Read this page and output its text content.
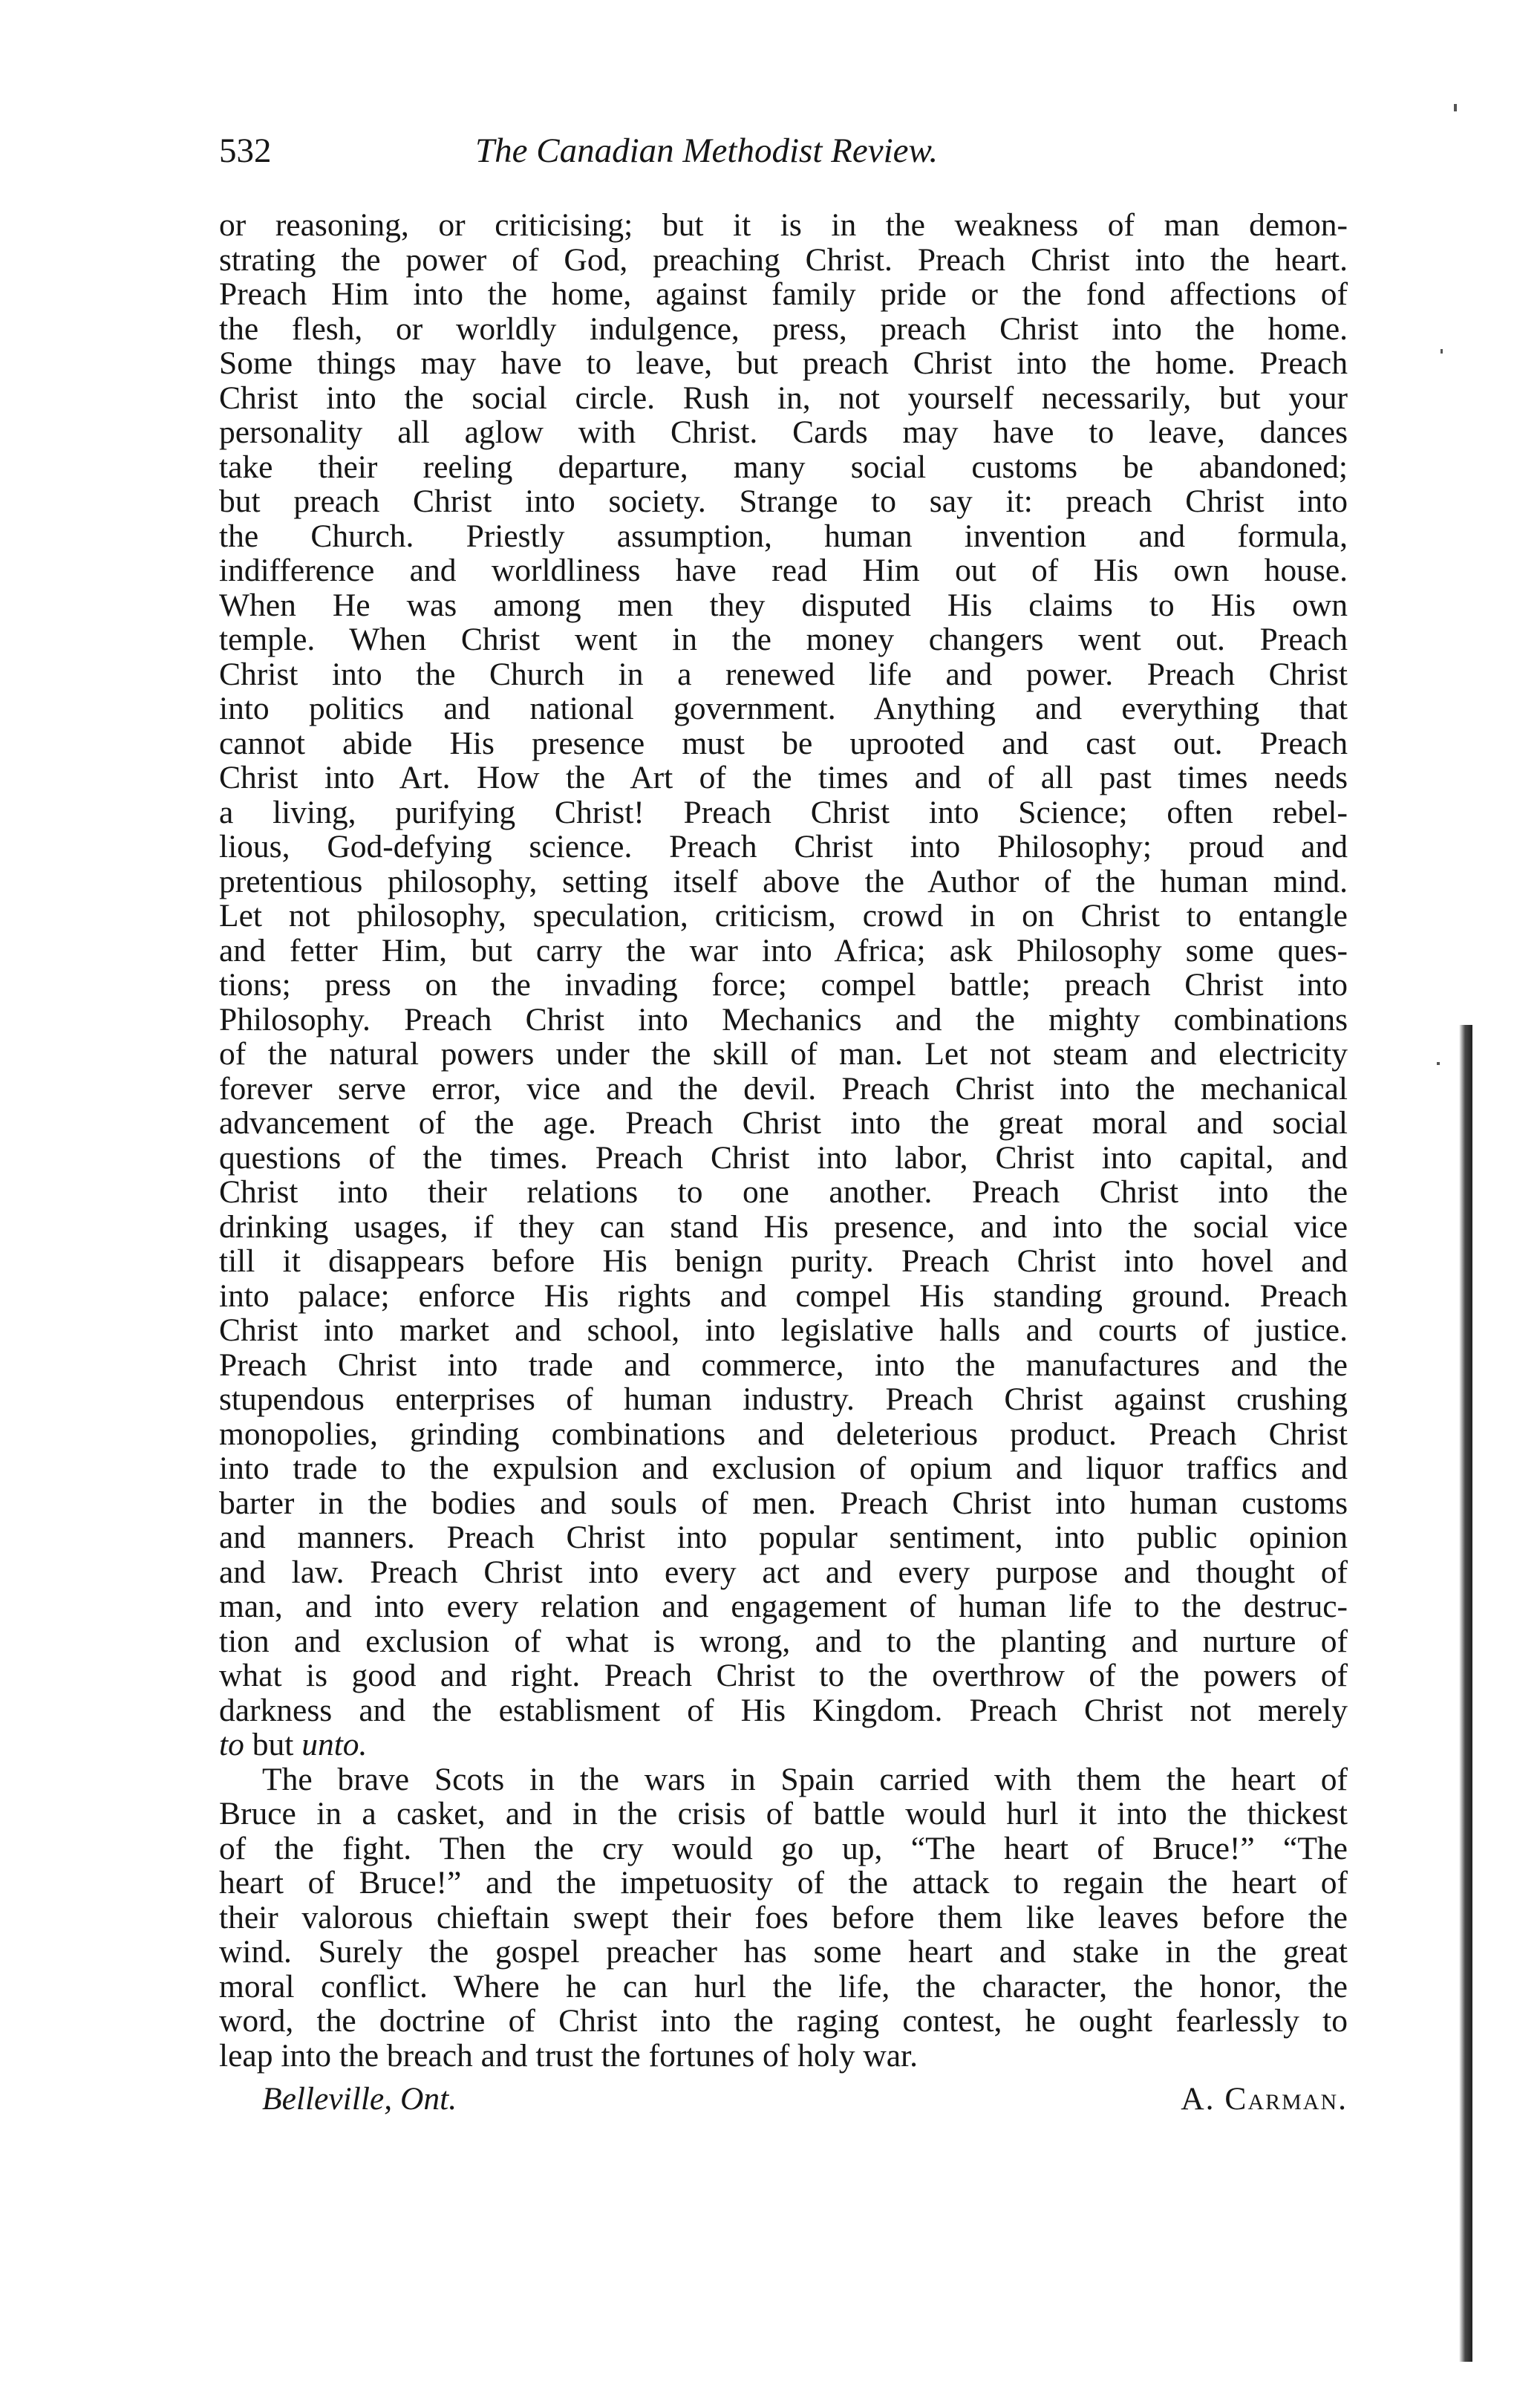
532	The Canadian Methodist Review.
or reasoning, or criticising; but it is in the weakness of man demon-
strating the power of God, preaching Christ. Preach Christ into the heart.
Preach Him into the home, against family pride or the fond affections of
the flesh, or worldly indulgence, press, preach Christ into the home.
Some things may have to leave, but preach Christ into the home. Preach
Christ into the social circle. Rush in, not yourself necessarily, but your
personality all aglow with Christ. Cards may have to leave, dances
take their reeling departure, many social customs be abandoned;
but preach Christ into society. Strange to say it: preach Christ into
the Church. Priestly assumption, human invention and formula,
indifference and worldliness have read Him out of His own house.
When He was among men they disputed His claims to His own
temple. When Christ went in the money changers went out. Preach
Christ into the Church in a renewed life and power. Preach Christ
into politics and national government. Anything and everything that
cannot abide His presence must be uprooted and cast out. Preach
Christ into Art. How the Art of the times and of all past times needs
a living, purifying Christ! Preach Christ into Science; often rebel-
lious, God-defying science. Preach Christ into Philosophy; proud and
pretentious philosophy, setting itself above the Author of the human mind.
Let not philosophy, speculation, criticism, crowd in on Christ to entangle
and fetter Him, but carry the war into Africa; ask Philosophy some ques-
tions; press on the invading force; compel battle; preach Christ into
Philosophy. Preach Christ into Mechanics and the mighty combinations
of the natural powers under the skill of man. Let not steam and electricity
forever serve error, vice and the devil. Preach Christ into the mechanical
advancement of the age. Preach Christ into the great moral and social
questions of the times. Preach Christ into labor, Christ into capital, and
Christ into their relations to one another. Preach Christ into the
drinking usages, if they can stand His presence, and into the social vice
till it disappears before His benign purity. Preach Christ into hovel and
into palace; enforce His rights and compel His standing ground. Preach
Christ into market and school, into legislative halls and courts of justice.
Preach Christ into trade and commerce, into the manufactures and the
stupendous enterprises of human industry. Preach Christ against crushing
monopolies, grinding combinations and deleterious product. Preach Christ
into trade to the expulsion and exclusion of opium and liquor traffics and
barter in the bodies and souls of men. Preach Christ into human customs
and manners. Preach Christ into popular sentiment, into public opinion
and law. Preach Christ into every act and every purpose and thought of
man, and into every relation and engagement of human life to the destruc-
tion and exclusion of what is wrong, and to the planting and nurture of
what is good and right. Preach Christ to the overthrow of the powers of
darkness and the establisment of His Kingdom. Preach Christ not merely
to but unto.
The brave Scots in the wars in Spain carried with them the heart of
Bruce in a casket, and in the crisis of battle would hurl it into the thickest
of the fight. Then the cry would go up, “The heart of Bruce!” “The
heart of Bruce!” and the impetuosity of the attack to regain the heart of
their valorous chieftain swept their foes before them like leaves before the
wind. Surely the gospel preacher has some heart and stake in the great
moral conflict. Where he can hurl the life, the character, the honor, the
word, the doctrine of Christ into the raging contest, he ought fearlessly to
leap into the breach and trust the fortunes of holy war.
Belleville, Ont.	A. Carman.
